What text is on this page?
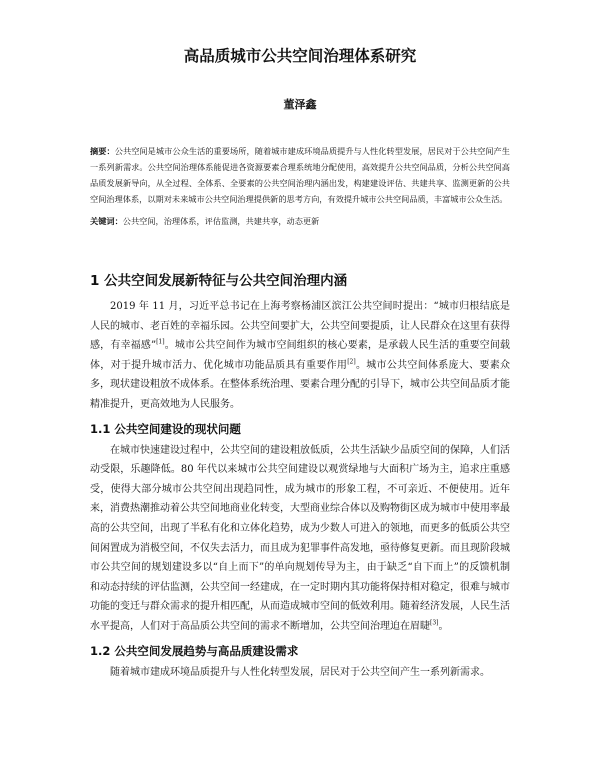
高品质城市公共空间治理体系研究
董泽鑫
摘要：公共空间是城市公众生活的重要场所，随着城市建成环境品质提升与人性化转型发展，居民对于公共空间产生一系列新需求。公共空间治理体系能促进各资源要素合理系统地分配使用，高效提升公共空间品质，分析公共空间高品质发展新导向，从全过程、全体系、全要素的公共空间治理内涵出发，构建建设评估、共建共享、监测更新的公共空间治理体系，以期对未来城市公共空间治理提供新的思考方向，有效提升城市公共空间品质，丰富城市公众生活。
关键词：公共空间，治理体系，评估监测，共建共享，动态更新
1 公共空间发展新特征与公共空间治理内涵

2019 年 11 月，习近平总书记在上海考察杨浦区滨江公共空间时提出：“城市归根结底是人民的城市、老百姓的幸福乐园。公共空间要扩大，公共空间要提质，让人民群众在这里有获得感，有幸福感”[1]。城市公共空间作为城市空间组织的核心要素，是承载人民生活的重要空间载体，对于提升城市活力、优化城市功能品质具有重要作用[2]。城市公共空间体系庞大、要素众多，现状建设粗放不成体系。在整体系统治理、要素合理分配的引导下，城市公共空间品质才能精准提升，更高效地为人民服务。

1.1 公共空间建设的现状问题

在城市快速建设过程中，公共空间的建设粗放低质，公共生活缺少品质空间的保障，人们活动受限，乐趣降低。80 年代以来城市公共空间建设以观赏绿地与大面积广场为主，追求庄重感受，使得大部分城市公共空间出现趋同性，成为城市的形象工程，不可亲近、不便使用。近年来，消费热潮推动着公共空间地商业化转变，大型商业综合体以及购物街区成为城市中使用率最高的公共空间，出现了半私有化和立体化趋势，成为少数人可进入的领地，而更多的低质公共空间闲置成为消极空间，不仅失去活力，而且成为犯罪事件高发地，亟待修复更新。而且现阶段城市公共空间的规划建设多以“自上而下”的单向规划传导为主，由于缺乏“自下而上”的反馈机制和动态持续的评估监测，公共空间一经建成，在一定时期内其功能将保持相对稳定，很难与城市功能的变迁与群众需求的提升相匹配，从而造成城市空间的低效利用。随着经济发展，人民生活水平提高，人们对于高品质公共空间的需求不断增加，公共空间治理迫在眉睫[3]。

1.2 公共空间发展趋势与高品质建设需求

随着城市建成环境品质提升与人性化转型发展，居民对于公共空间产生一系列新需求。
